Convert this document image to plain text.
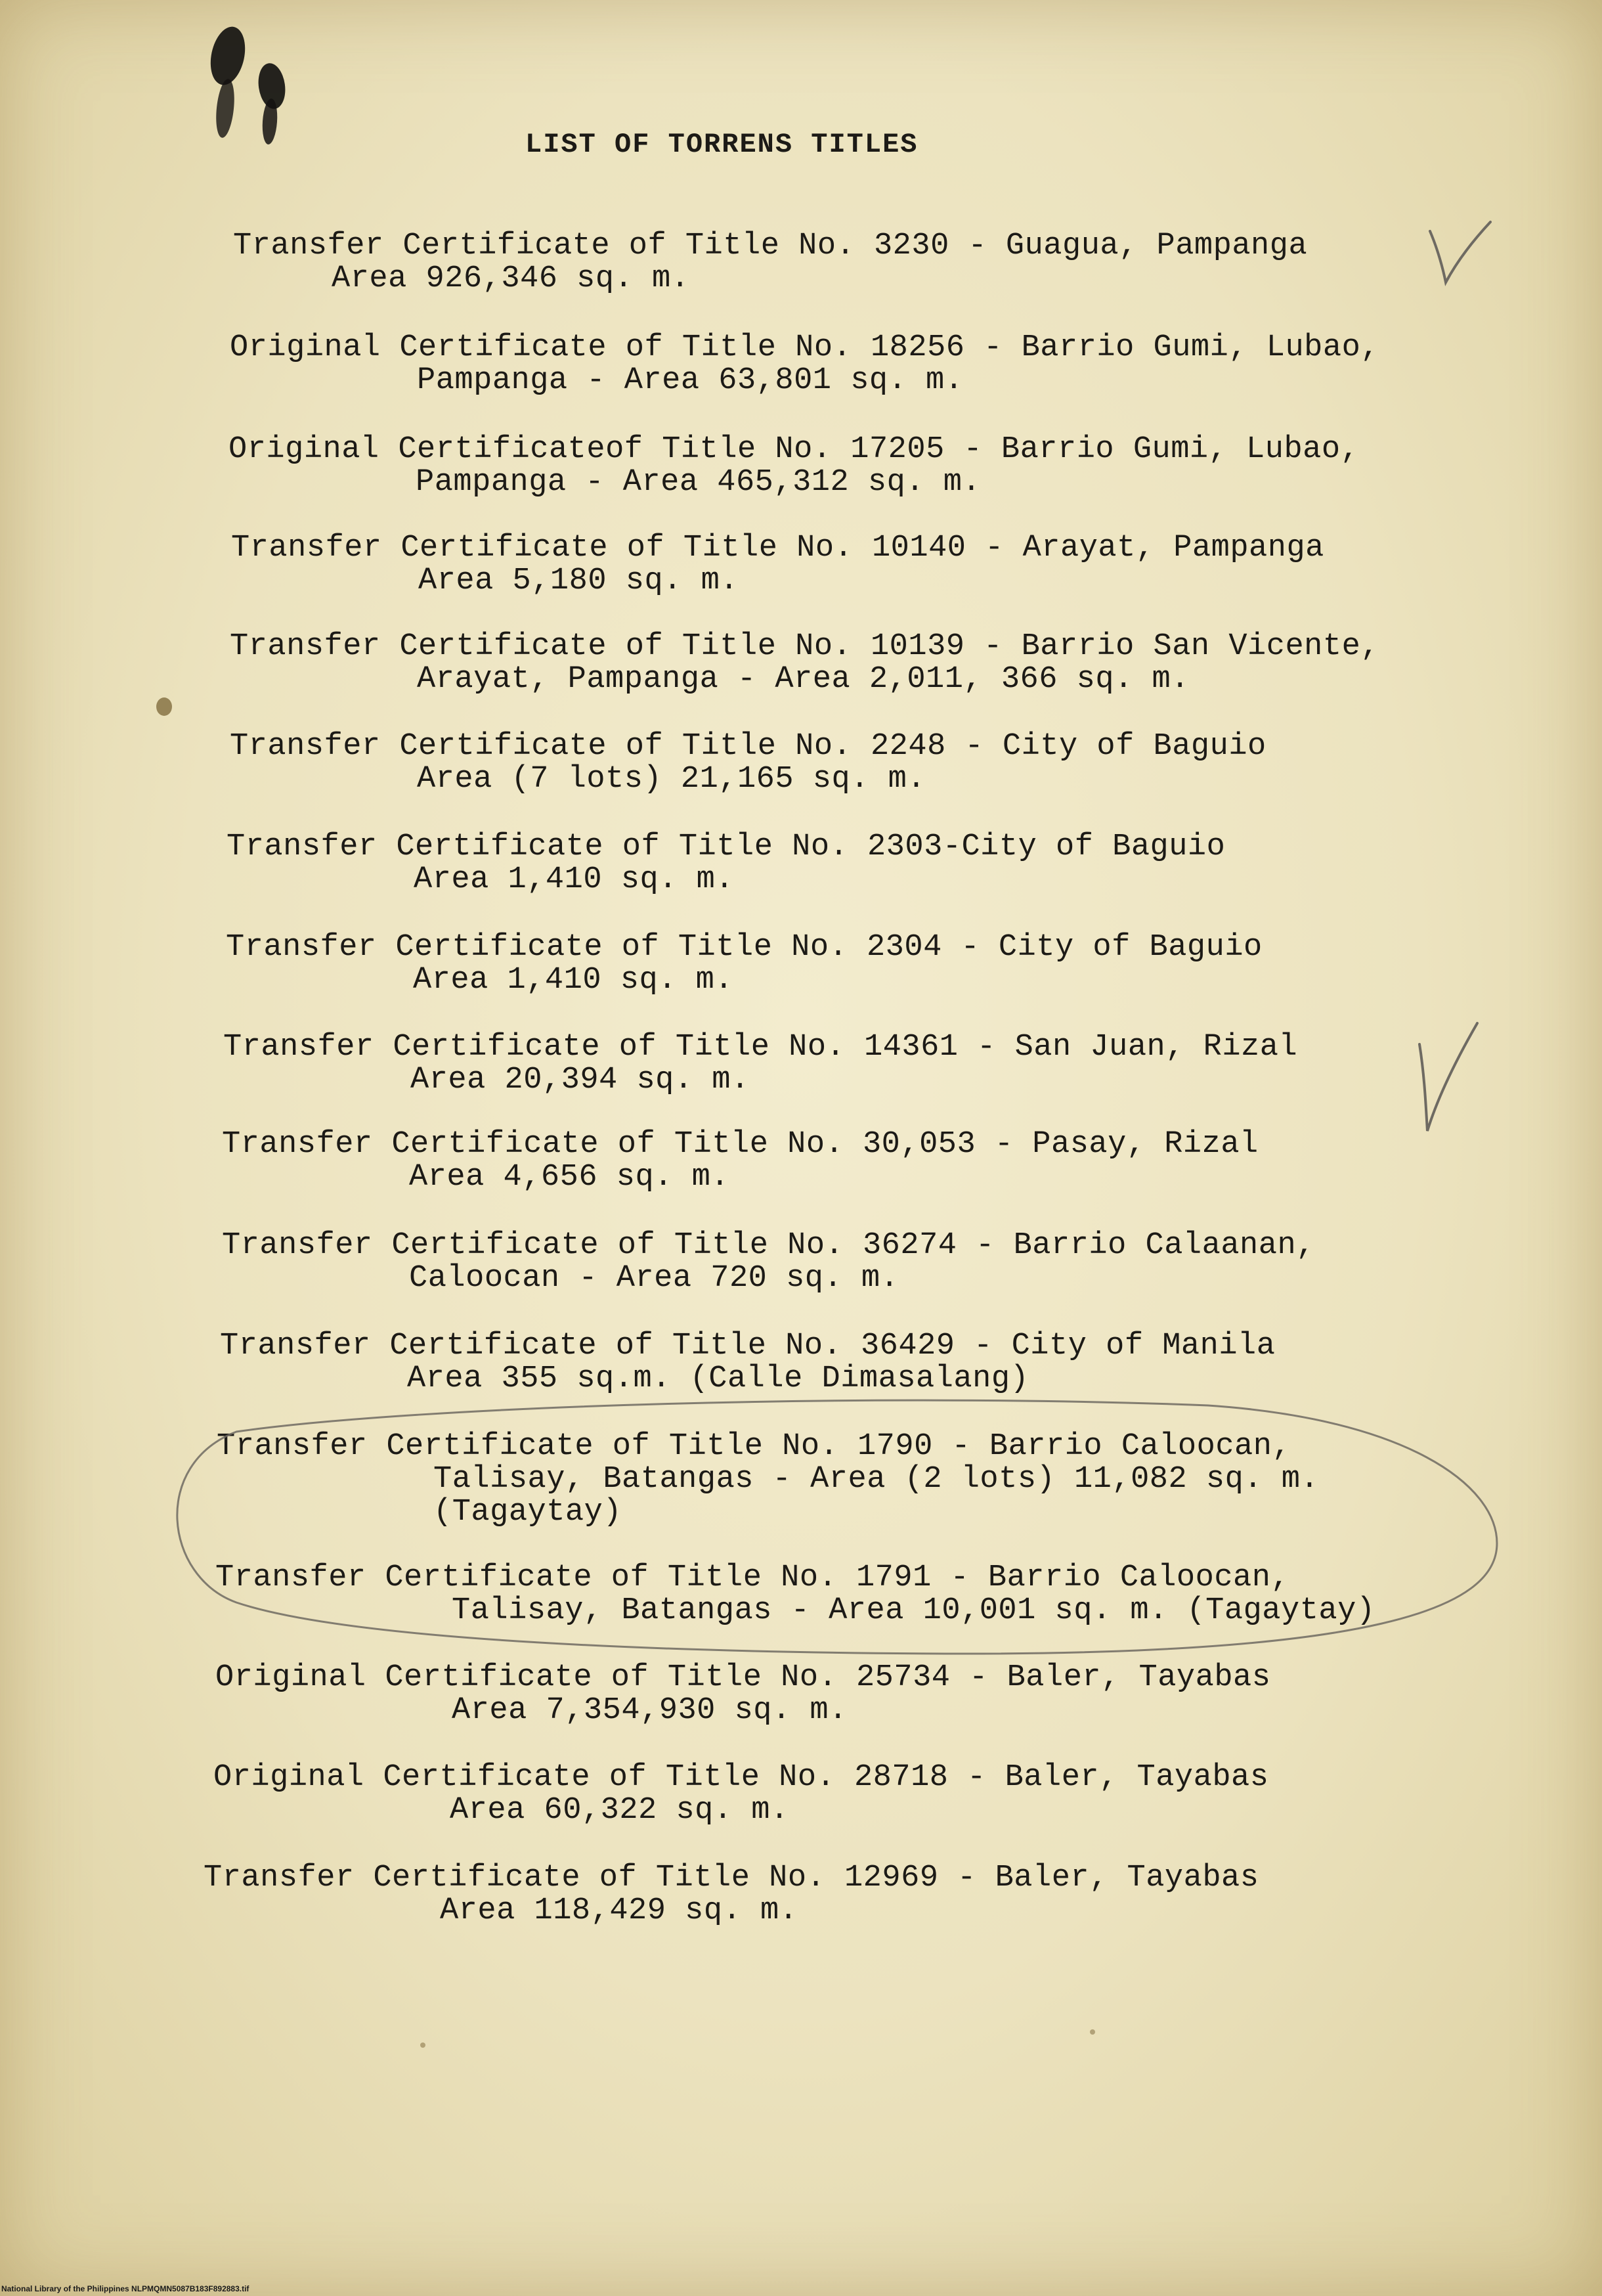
LIST OF TORRENS TITLES
Transfer Certificate of Title No. 3230 - Guagua, Pampanga
Area 926,346 sq. m.
Original Certificate of Title No. 18256 - Barrio Gumi, Lubao,
Pampanga - Area 63,801 sq. m.
Original Certificateof Title No. 17205 - Barrio Gumi, Lubao,
Pampanga - Area 465,312 sq. m.
Transfer Certificate of Title No. 10140 - Arayat, Pampanga
Area 5,180 sq. m.
Transfer Certificate of Title No. 10139 - Barrio San Vicente,
Arayat, Pampanga - Area 2,011, 366 sq. m.
Transfer Certificate of Title No. 2248 - City of Baguio
Area (7 lots) 21,165 sq. m.
Transfer Certificate of Title No. 2303-City of Baguio
Area 1,410 sq. m.
Transfer Certificate of Title No. 2304 - City of Baguio
Area 1,410 sq. m.
Transfer Certificate of Title No. 14361 - San Juan, Rizal
Area 20,394 sq. m.
Transfer Certificate of Title No. 30,053 - Pasay, Rizal
Area 4,656 sq. m.
Transfer Certificate of Title No. 36274 - Barrio Calaanan,
Caloocan - Area 720 sq. m.
Transfer Certificate of Title No. 36429 - City of Manila
Area 355 sq.m. (Calle Dimasalang)
Transfer Certificate of Title No. 1790 - Barrio Caloocan,
Talisay, Batangas - Area (2 lots) 11,082 sq. m.
(Tagaytay)
Transfer Certificate of Title No. 1791 - Barrio Caloocan,
Talisay, Batangas - Area 10,001 sq. m. (Tagaytay)
Original Certificate of Title No. 25734 - Baler, Tayabas
Area 7,354,930 sq. m.
Original Certificate of Title No. 28718 - Baler, Tayabas
Area 60,322 sq. m.
Transfer Certificate of Title No. 12969 - Baler, Tayabas
Area 118,429 sq. m.
National Library of the Philippines NLPMQMN5087B183F892883.tif
